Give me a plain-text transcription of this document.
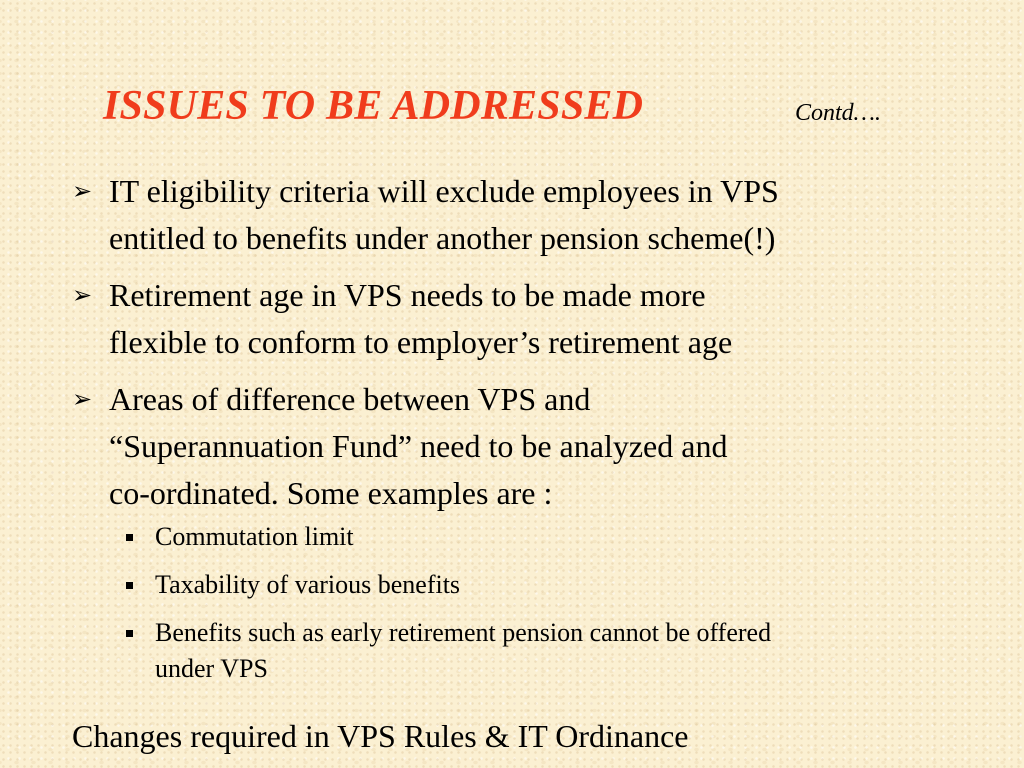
ISSUES TO BE ADDRESSED	Contd….
➢ IT eligibility criteria will exclude employees in VPS
entitled to benefits under another pension scheme(!)
➢ Retirement age in VPS needs to be made more
flexible to conform to employer’s retirement age
➢ Areas of difference between VPS and
“Superannuation Fund” need to be analyzed and
co-ordinated. Some examples are :
Commutation limit
Taxability of various benefits
Benefits such as early retirement pension cannot be offered
under VPS
Changes required in VPS Rules & IT Ordinance
